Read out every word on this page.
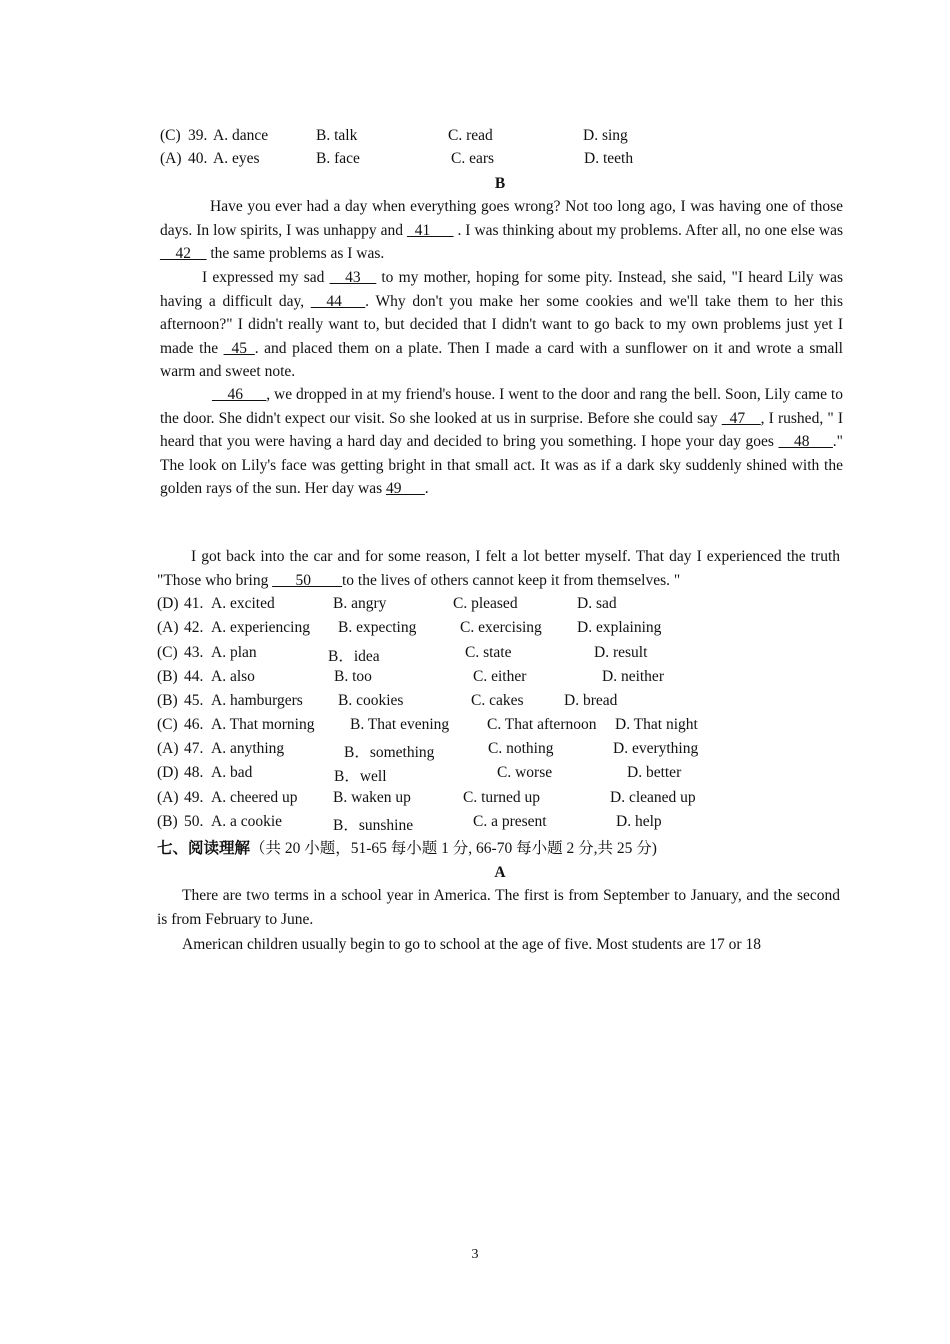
(C) 39. A. dance	B. talk	C. read	D. sing
(A) 40. A. eyes	B. face	C. ears	D. teeth
B
Have you ever had a day when everything goes wrong? Not too long ago, I was having one of those days. In low spirits, I was unhappy and _41___ . I was thinking about my problems. After all, no one else was __42__ the same problems as I was.
I expressed my sad __43__ to my mother, hoping for some pity. Instead, she said, "I heard Lily was having a difficult day, __44___. Why don't you make her some cookies and we'll take them to her this afternoon?" I didn't really want to, but decided that I didn't want to go back to my own problems just yet I made the _45_. and placed them on a plate. Then I made a card with a sunflower on it and wrote a small warm and sweet note.
__46___, we dropped in at my friend's house. I went to the door and rang the bell. Soon, Lily came to the door. She didn't expect our visit. So she looked at us in surprise. Before she could say _47__, I rushed, " I heard that you were having a hard day and decided to bring you something. I hope your day goes __48___." The look on Lily's face was getting bright in that small act. It was as if a dark sky suddenly shined with the golden rays of the sun. Her day was 49___.
I got back into the car and for some reason, I felt a lot better myself. That day I experienced the truth "Those who bring ___50____to the lives of others cannot keep it from themselves. "
(D) 41. A. excited	B. angry	C. pleased	D. sad
(A) 42. A. experiencing B. expecting	C. exercising D. explaining
(C) 43. A. plan	B．idea	C. state	D. result
(B) 44. A. also	B. too	C. either	D. neither
(B) 45. A. hamburgers B. cookies	C. cakes	D. bread
(C) 46. A. That morning B. That evening C. That afternoon D. That night
(A) 47. A. anything	B．something	C. nothing	D. everything
(D) 48. A. bad	B．well	C. worse	D. better
(A) 49. A. cheered up B. waken up	C. turned up	D. cleaned up
(B) 50. A. a cookie	B．sunshine	C. a present	D. help
七、阅读理解（共 20 小题，51-65 每小题 1 分, 66-70 每小题 2 分,共 25 分)
A
There are two terms in a school year in America. The first is from September to January, and the second is from February to June.
American children usually begin to go to school at the age of five. Most students are 17 or 18
3
